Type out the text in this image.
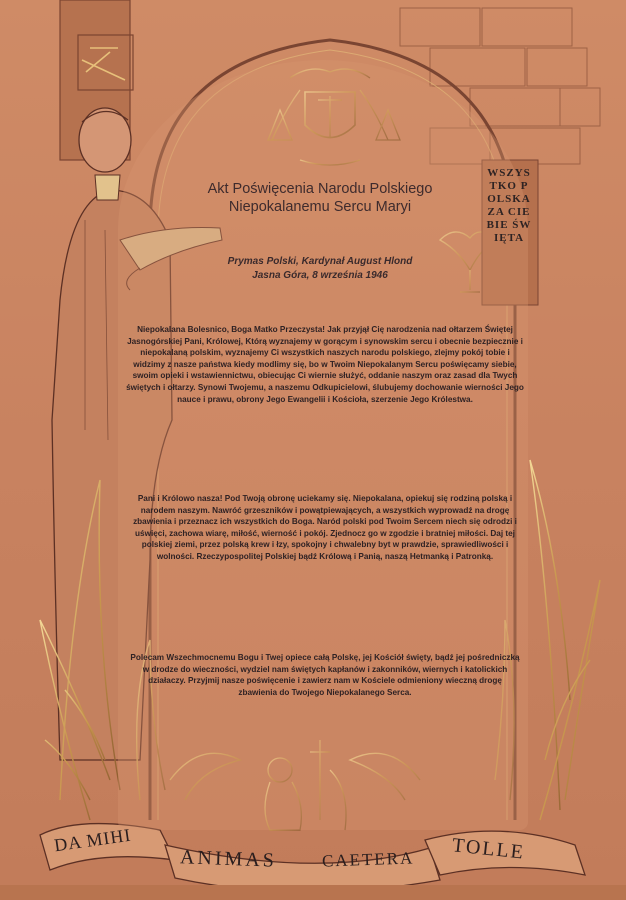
Akt Poświęcenia Narodu Polskiego
Niepokalanemu Sercu Maryi
Prymas Polski, Kardynał August Hlond
Jasna Góra, 8 września 1946
Niepokalana Bolesnico, Boga Matko Przeczysta! Jak przyjął Cię narodzenia nad ołtarzem Świętej Jasnogórskiej Pani, Królowej, Którą wyznajemy w gorącym i synowskim sercu i obecnie bezpiecznie i niepokalaną polskim, wyznajemy Ci wszystkich naszych narodu polskiego, zlejmy pokój tobie i widzimy z nasze państwa kiedy modlimy się, bo w Twoim Niepokalanym Sercu poświęcamy siebie, swoim opieki i wstawiennictwu, obiecując Ci wiernie służyć, oddanie naszym oraz zasad dla Twych świętych i ołtarzy. Synowi Twojemu, a naszemu Odkupicielowi, ślubujemy dochowanie wierności Jego nauce i prawu, obrony Jego Ewangelii i Kościoła, szerzenie Jego Królestwa.
Pani i Królowo nasza! Pod Twoją obronę uciekamy się. Niepokalana, opiekuj się rodziną polską i narodem naszym. Nawróć grzeszników i powątpiewających, a wszystkich wyprowadź na drogę zbawienia i przeznacz ich wszystkich do Boga. Naród polski pod Twoim Sercem niech się odrodzi i uświęci, zachowa wiarę, miłość, wierność i pokój. Zjednocz go w zgodzie i bratniej miłości. Daj tej polskiej ziemi, przez polską krew i łzy, spokojny i chwalebny byt w prawdzie, sprawiedliwości i wolności. Rzeczypospolitej Polskiej bądź Królową i Panią, naszą Hetmanką i Patronką.
Polecam Wszechmocnemu Bogu i Twej opiece całą Polskę, jej Kościół święty, bądź jej pośredniczką w drodze do wieczności, wydziel nam świętych kapłanów i zakonników, wiernych i katolickich działaczy. Przyjmij nasze poświęcenie i zawierz nam w Kościele odmieniony wieczną drogę zbawienia do Twojego Niepokalanego Serca.
WSZYSTKO POLSKA ZA CIEBIE ŚWIĘTA
DA MIHI
ANIMAS	CAETERA TOLLE
